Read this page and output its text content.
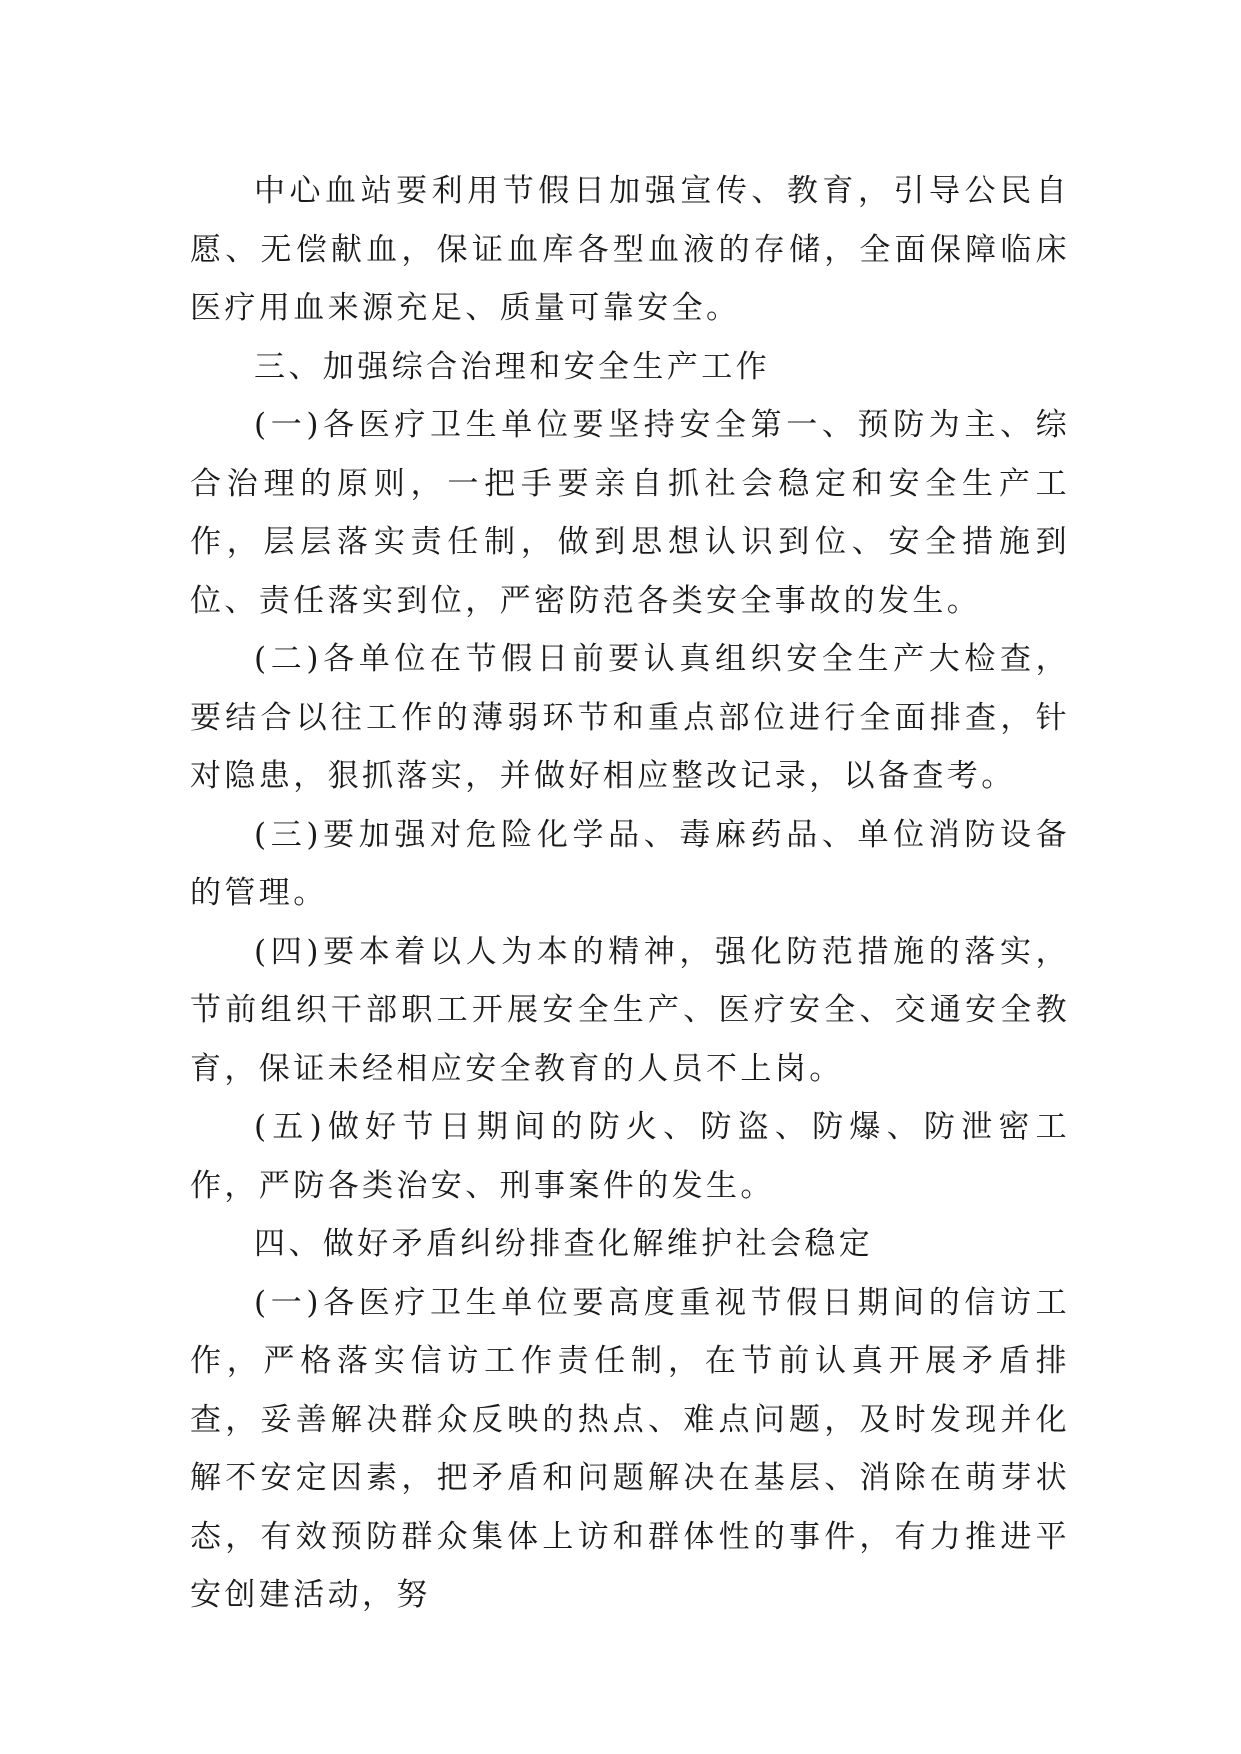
中心血站要利用节假日加强宣传、教育，引导公民自愿、无偿献血，保证血库各型血液的存储，全面保障临床医疗用血来源充足、质量可靠安全。

三、加强综合治理和安全生产工作

(一)各医疗卫生单位要坚持安全第一、预防为主、综合治理的原则，一把手要亲自抓社会稳定和安全生产工作，层层落实责任制，做到思想认识到位、安全措施到位、责任落实到位，严密防范各类安全事故的发生。

(二)各单位在节假日前要认真组织安全生产大检查，要结合以往工作的薄弱环节和重点部位进行全面排查，针对隐患，狠抓落实，并做好相应整改记录，以备查考。

(三)要加强对危险化学品、毒麻药品、单位消防设备的管理。

(四)要本着以人为本的精神，强化防范措施的落实，节前组织干部职工开展安全生产、医疗安全、交通安全教育，保证未经相应安全教育的人员不上岗。

(五)做好节日期间的防火、防盗、防爆、防泄密工作，严防各类治安、刑事案件的发生。

四、做好矛盾纠纷排查化解维护社会稳定

(一)各医疗卫生单位要高度重视节假日期间的信访工作，严格落实信访工作责任制，在节前认真开展矛盾排查，妥善解决群众反映的热点、难点问题，及时发现并化解不安定因素，把矛盾和问题解决在基层、消除在萌芽状态，有效预防群众集体上访和群体性的事件，有力推进平安创建活动，努
